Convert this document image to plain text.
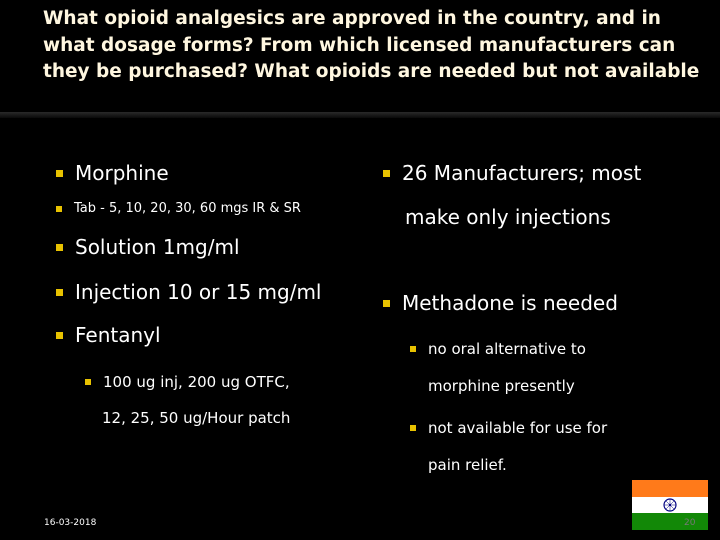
What opioid analgesics are approved in the country, and in what dosage forms? From which licensed manufacturers can they be purchased? What opioids are needed but not available
Morphine
Tab - 5, 10, 20, 30, 60 mgs IR & SR
Solution 1mg/ml
Injection 10 or 15 mg/ml
Fentanyl
100 ug inj, 200 ug OTFC,
12, 25, 50 ug/Hour patch
26 Manufacturers; most
make only injections
Methadone is needed
no oral alternative to
morphine presently
not available for use for
pain relief.
16-03-2018	20
